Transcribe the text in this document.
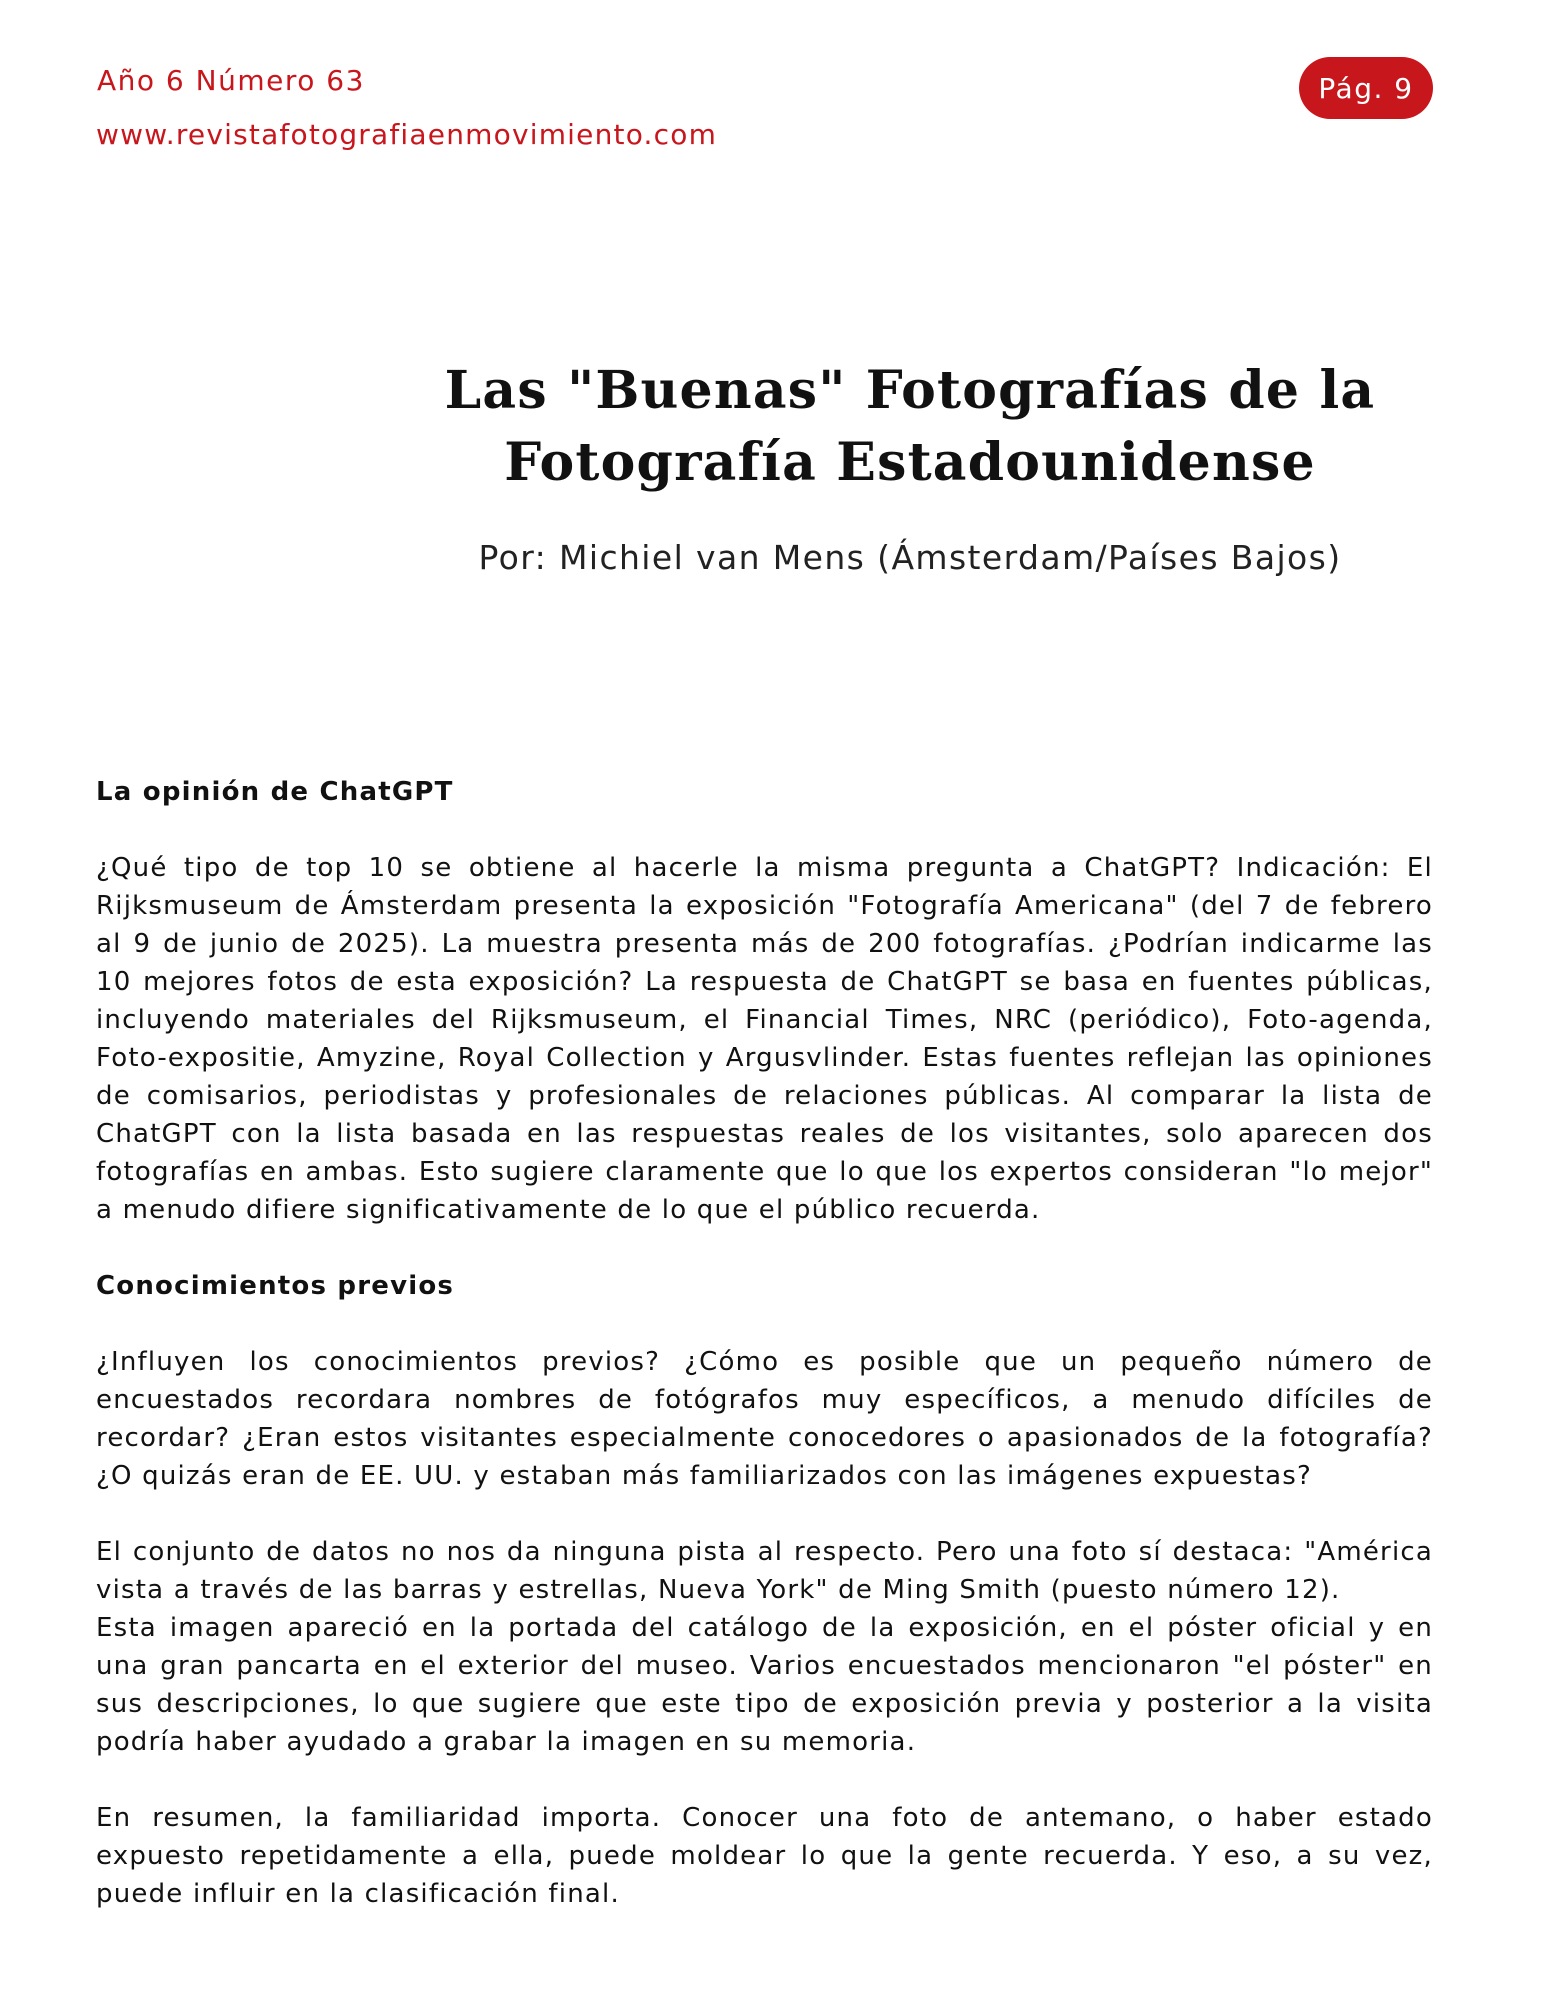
Año 6 Número 63

www.revistafotografiaenmovimiento.com

Pág. 9
Las "Buenas" Fotografías de la
Fotografía Estadounidense

Por: Michiel van Mens (Ámsterdam/Países Bajos)

La opinión de ChatGPT

¿Qué tipo de top 10 se obtiene al hacerle la misma pregunta a ChatGPT? Indicación: El Rijksmuseum de Ámsterdam presenta la exposición "Fotografía Americana" (del 7 de febrero al 9 de junio de 2025). La muestra presenta más de 200 fotografías. ¿Podrían indicarme las 10 mejores fotos de esta exposición? La respuesta de ChatGPT se basa en fuentes públicas, incluyendo materiales del Rijksmuseum, el Financial Times, NRC (periódico), Foto-agenda, Foto-expositie, Amyzine, Royal Collection y Argusvlinder. Estas fuentes reflejan las opiniones de comisarios, periodistas y profesionales de relaciones públicas. Al comparar la lista de ChatGPT con la lista basada en las respuestas reales de los visitantes, solo aparecen dos fotografías en ambas. Esto sugiere claramente que lo que los expertos consideran "lo mejor" a menudo difiere significativamente de lo que el público recuerda.

Conocimientos previos

¿Influyen los conocimientos previos? ¿Cómo es posible que un pequeño número de encuestados recordara nombres de fotógrafos muy específicos, a menudo difíciles de recordar? ¿Eran estos visitantes especialmente conocedores o apasionados de la fotografía? ¿O quizás eran de EE. UU. y estaban más familiarizados con las imágenes expuestas?

El conjunto de datos no nos da ninguna pista al respecto. Pero una foto sí destaca: "América vista a través de las barras y estrellas, Nueva York" de Ming Smith (puesto número 12).

Esta imagen apareció en la portada del catálogo de la exposición, en el póster oficial y en una gran pancarta en el exterior del museo. Varios encuestados mencionaron "el póster" en sus descripciones, lo que sugiere que este tipo de exposición previa y posterior a la visita podría haber ayudado a grabar la imagen en su memoria.

En resumen, la familiaridad importa. Conocer una foto de antemano, o haber estado expuesto repetidamente a ella, puede moldear lo que la gente recuerda. Y eso, a su vez, puede influir en la clasificación final.
